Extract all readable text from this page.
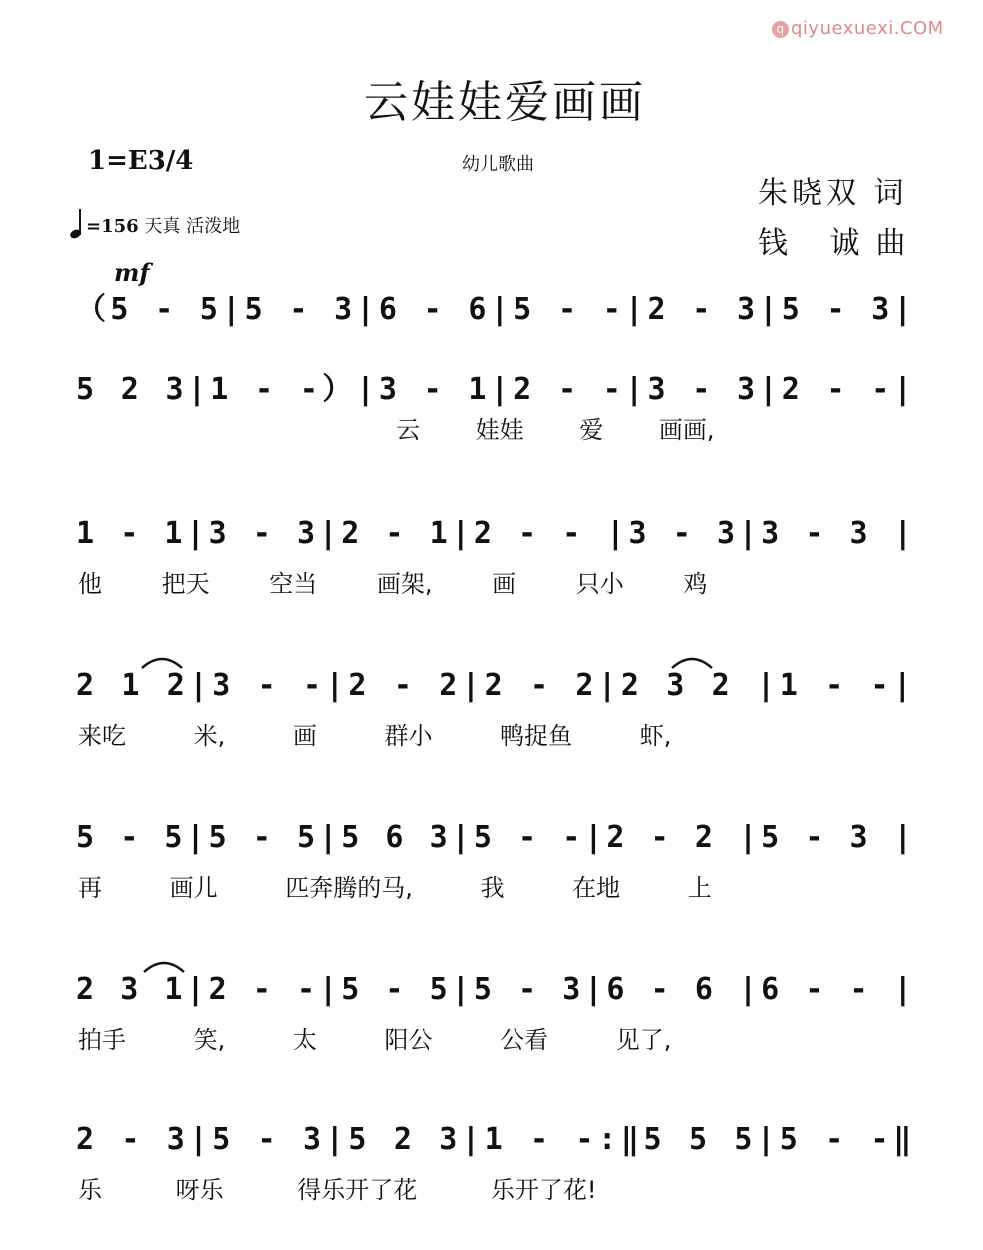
q qiyuexuexi.COM
云娃娃爱画画
1=E3/4	幼儿歌曲
朱晓双 词
钱 诚曲
=156 天真 活泼地
mf
（5 - 5|5 - 3|6 - 6|5 - -|2 - 3|5 - 3|
5 2 3|1 - -）|3 - 1|2 - -|3 - 3|2 - -|
云 娃娃 爱 画画,
1 - 1|3 - 3|2 - 1|2 - - |3 - 3|3 - 3 |
他 把天 空当 画架, 画 只小 鸡
2 1 2|3 - -|2 - 2|2 - 2|2 3 2 |1 - -|
来吃 米, 画 群小 鸭捉鱼 虾,
5 - 5|5 - 5|5 6 3|5 - -|2 - 2 |5 - 3 |
再 画儿 匹奔腾的马, 我 在地 上
2 3 1|2 - -|5 - 5|5 - 3|6 - 6 |6 - - |
拍手 笑, 太 阳公 公看 见了,
2 - 3|5 - 3|5 2 3|1 - -:‖5 5 5|5 - -‖
乐 呀乐 得乐开了花 乐开了花!
